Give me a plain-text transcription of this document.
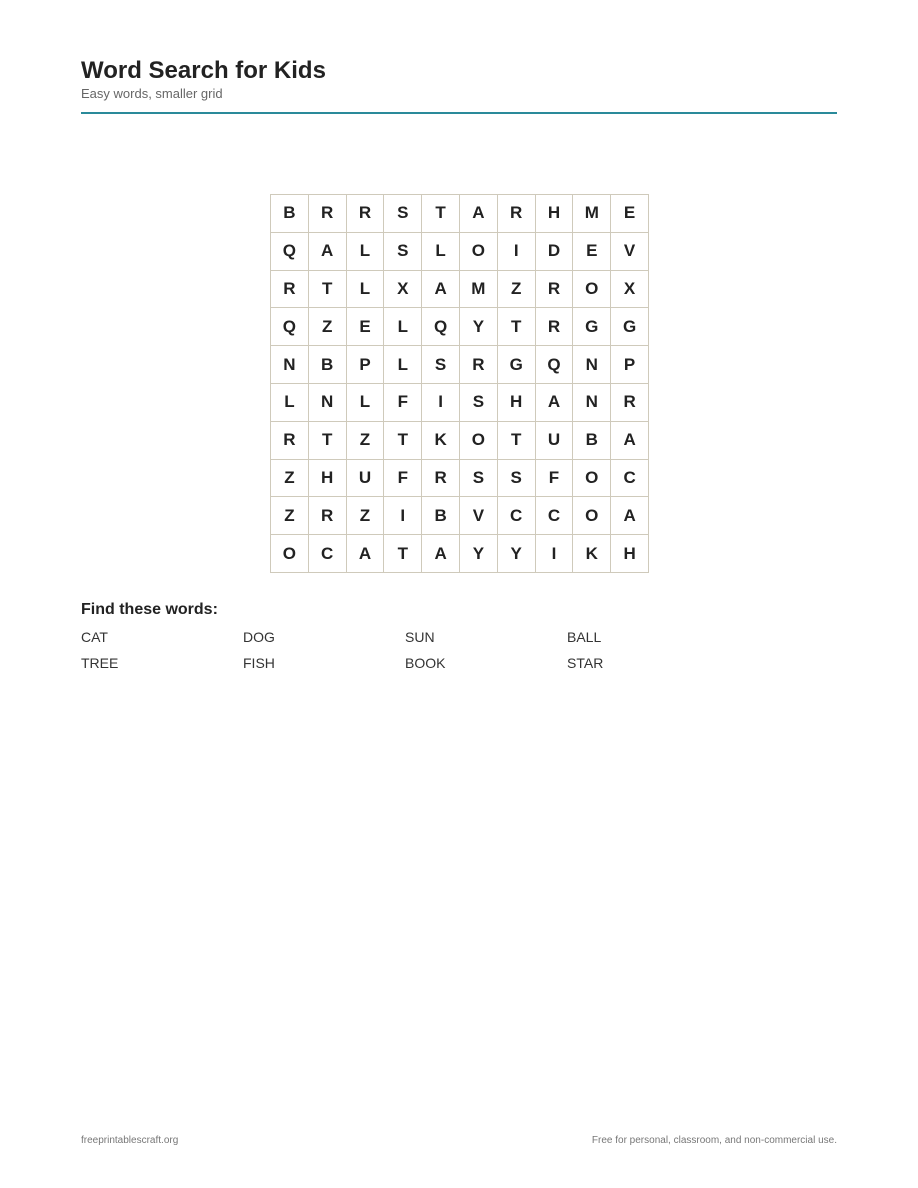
Word Search for Kids
Easy words, smaller grid
B	R	R	S	T	A	R	H	M	E
Q	A	L	S	L	O	I	D	E	V
R	T	L	X	A	M	Z	R	O	X
Q	Z	E	L	Q	Y	T	R	G	G
N	B	P	L	S	R	G	Q	N	P
L	N	L	F	I	S	H	A	N	R
R	T	Z	T	K	O	T	U	B	A
Z	H	U	F	R	S	S	F	O	C
Z	R	Z	I	B	V	C	C	O	A
O	C	A	T	A	Y	Y	I	K	H
Find these words:
CAT	DOG	SUN	BALL
TREE	FISH	BOOK	STAR
freeprintablescraft.org	Free for personal, classroom, and non-commercial use.
